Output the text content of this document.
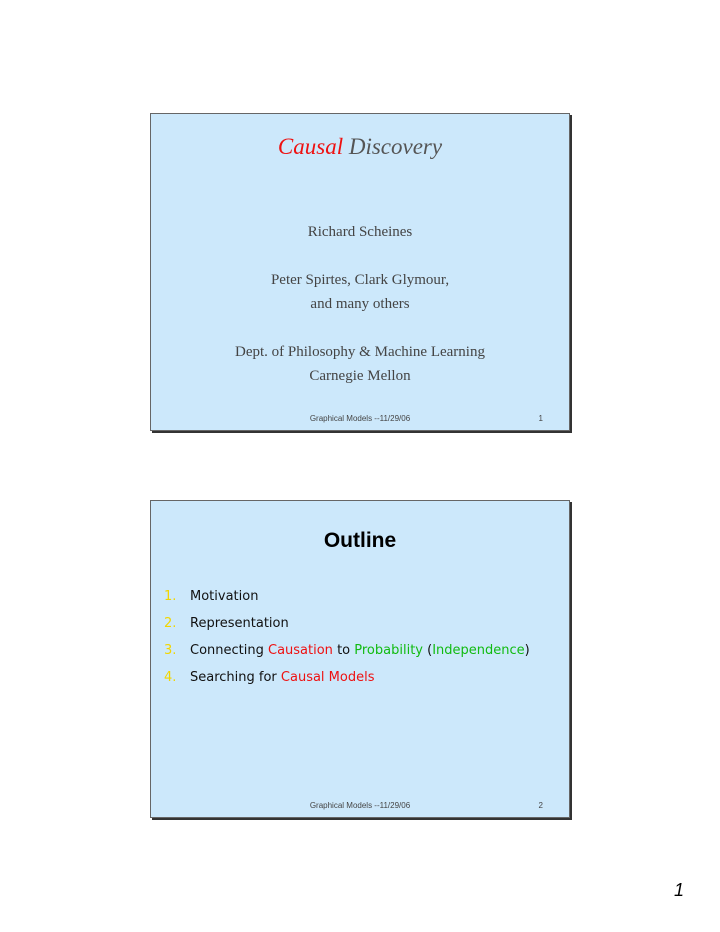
Causal Discovery
Richard Scheines
Peter Spirtes, Clark Glymour,
and many others
Dept. of Philosophy & Machine Learning
Carnegie Mellon
Graphical Models --11/29/06	1
Outline
1. Motivation
2. Representation
3. Connecting Causation to Probability (Independence)
4. Searching for Causal Models
Graphical Models --11/29/06	2
1
